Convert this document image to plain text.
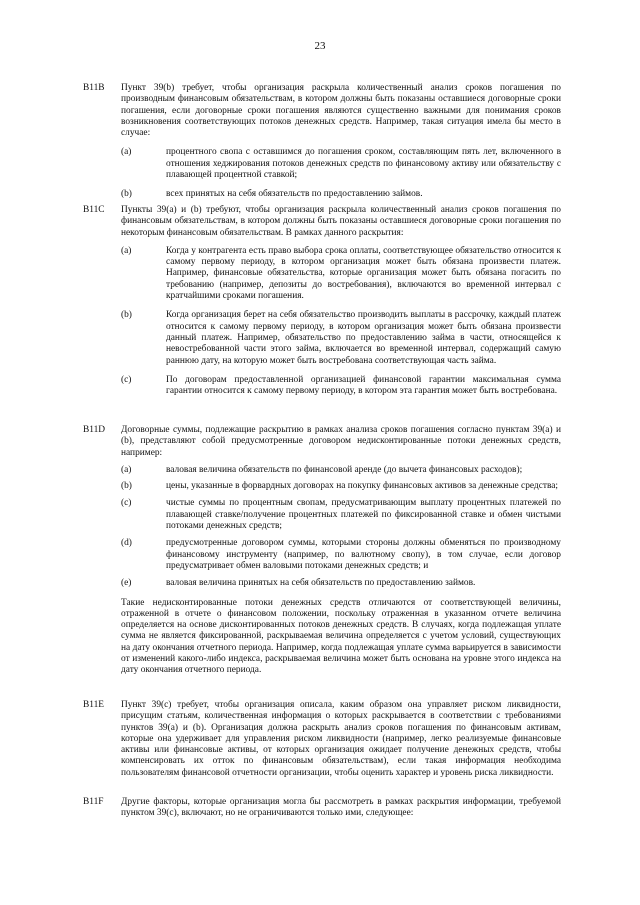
23
B11B	Пункт 39(b) требует, чтобы организация раскрыла количественный анализ сроков погашения по производным финансовым обязательствам, в котором должны быть показаны оставшиеся договорные сроки погашения, если договорные сроки погашения являются существенно важными для понимания сроков возникновения соответствующих потоков денежных средств. Например, такая ситуация имела бы место в случае:
(a)	процентного свопа с оставшимся до погашения сроком, составляющим пять лет, включенного в отношения хеджирования потоков денежных средств по финансовому активу или обязательству с плавающей процентной ставкой;
(b)	всех принятых на себя обязательств по предоставлению займов.
B11C	Пункты 39(a) и (b) требуют, чтобы организация раскрыла количественный анализ сроков погашения по финансовым обязательствам, в котором должны быть показаны оставшиеся договорные сроки погашения по некоторым финансовым обязательствам. В рамках данного раскрытия:
(a)	Когда у контрагента есть право выбора срока оплаты, соответствующее обязательство относится к самому первому периоду, в котором организация может быть обязана произвести платеж. Например, финансовые обязательства, которые организация может быть обязана погасить по требованию (например, депозиты до востребования), включаются во временной интервал с кратчайшими сроками погашения.
(b)	Когда организация берет на себя обязательство производить выплаты в рассрочку, каждый платеж относится к самому первому периоду, в котором организация может быть обязана произвести данный платеж. Например, обязательство по предоставлению займа в части, относящейся к невостребованной части этого займа, включается во временной интервал, содержащий самую раннюю дату, на которую может быть востребована соответствующая часть займа.
(c)	По договорам предоставленной организацией финансовой гарантии максимальная сумма гарантии относится к самому первому периоду, в котором эта гарантия может быть востребована.
B11D	Договорные суммы, подлежащие раскрытию в рамках анализа сроков погашения согласно пунктам 39(a) и (b), представляют собой предусмотренные договором недисконтированные потоки денежных средств, например:
(a)	валовая величина обязательств по финансовой аренде (до вычета финансовых расходов);
(b)	цены, указанные в форвардных договорах на покупку финансовых активов за денежные средства;
(c)	чистые суммы по процентным свопам, предусматривающим выплату процентных платежей по плавающей ставке/получение процентных платежей по фиксированной ставке и обмен чистыми потоками денежных средств;
(d)	предусмотренные договором суммы, которыми стороны должны обменяться по производному финансовому инструменту (например, по валютному свопу), в том случае, если договор предусматривает обмен валовыми потоками денежных средств; и
(e)	валовая величина принятых на себя обязательств по предоставлению займов.
Такие недисконтированные потоки денежных средств отличаются от соответствующей величины, отраженной в отчете о финансовом положении, поскольку отраженная в указанном отчете величина определяется на основе дисконтированных потоков денежных средств. В случаях, когда подлежащая уплате сумма не является фиксированной, раскрываемая величина определяется с учетом условий, существующих на дату окончания отчетного периода. Например, когда подлежащая уплате сумма варьируется в зависимости от изменений какого-либо индекса, раскрываемая величина может быть основана на уровне этого индекса на дату окончания отчетного периода.
B11E	Пункт 39(c) требует, чтобы организация описала, каким образом она управляет риском ликвидности, присущим статьям, количественная информация о которых раскрывается в соответствии с требованиями пунктов 39(a) и (b). Организация должна раскрыть анализ сроков погашения по финансовым активам, которые она удерживает для управления риском ликвидности (например, легко реализуемые финансовые активы или финансовые активы, от которых организация ожидает получение денежных средств, чтобы компенсировать их отток по финансовым обязательствам), если такая информация необходима пользователям финансовой отчетности организации, чтобы оценить характер и уровень риска ликвидности.
B11F	Другие факторы, которые организация могла бы рассмотреть в рамках раскрытия информации, требуемой пунктом 39(c), включают, но не ограничиваются только ими, следующее:
